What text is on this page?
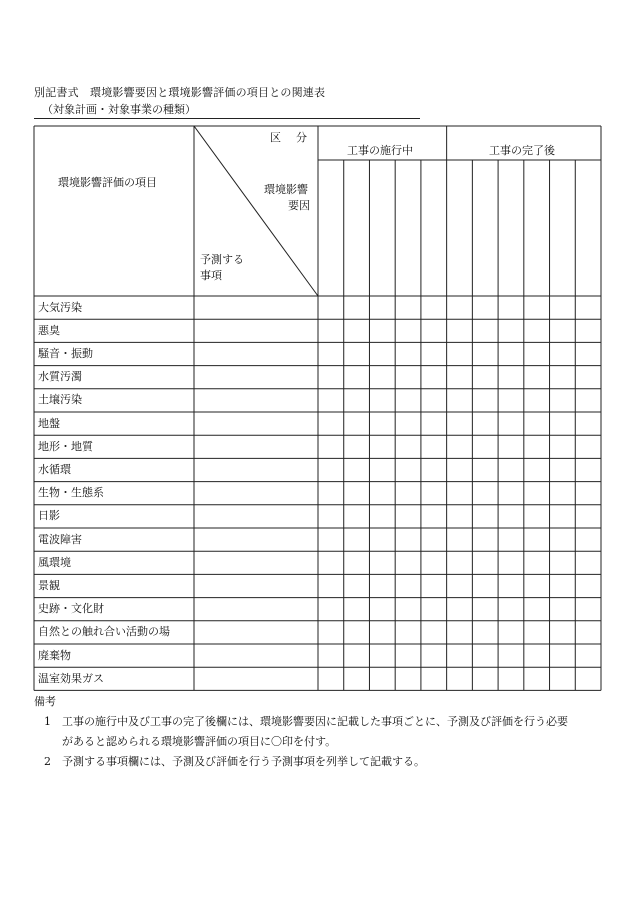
別記書式　環境影響要因と環境影響評価の項目との関連表
（対象計画・対象事業の種類）
区　分
環境影響
要因
予測する
事項
環境影響評価の項目
工事の施行中	工事の完了後
大気汚染
悪臭
騒音・振動
水質汚濁
土壌汚染
地盤
地形・地質
水循環
生物・生態系
日影
電波障害
風環境
景観
史跡・文化財
自然との触れ合い活動の場
廃棄物
温室効果ガス
備考
1 工事の施行中及び工事の完了後欄には、環境影響要因に記載した事項ごとに、予測及び評価を行う必要
があると認められる環境影響評価の項目に〇印を付す。
2 予測する事項欄には、予測及び評価を行う予測事項を列挙して記載する。
